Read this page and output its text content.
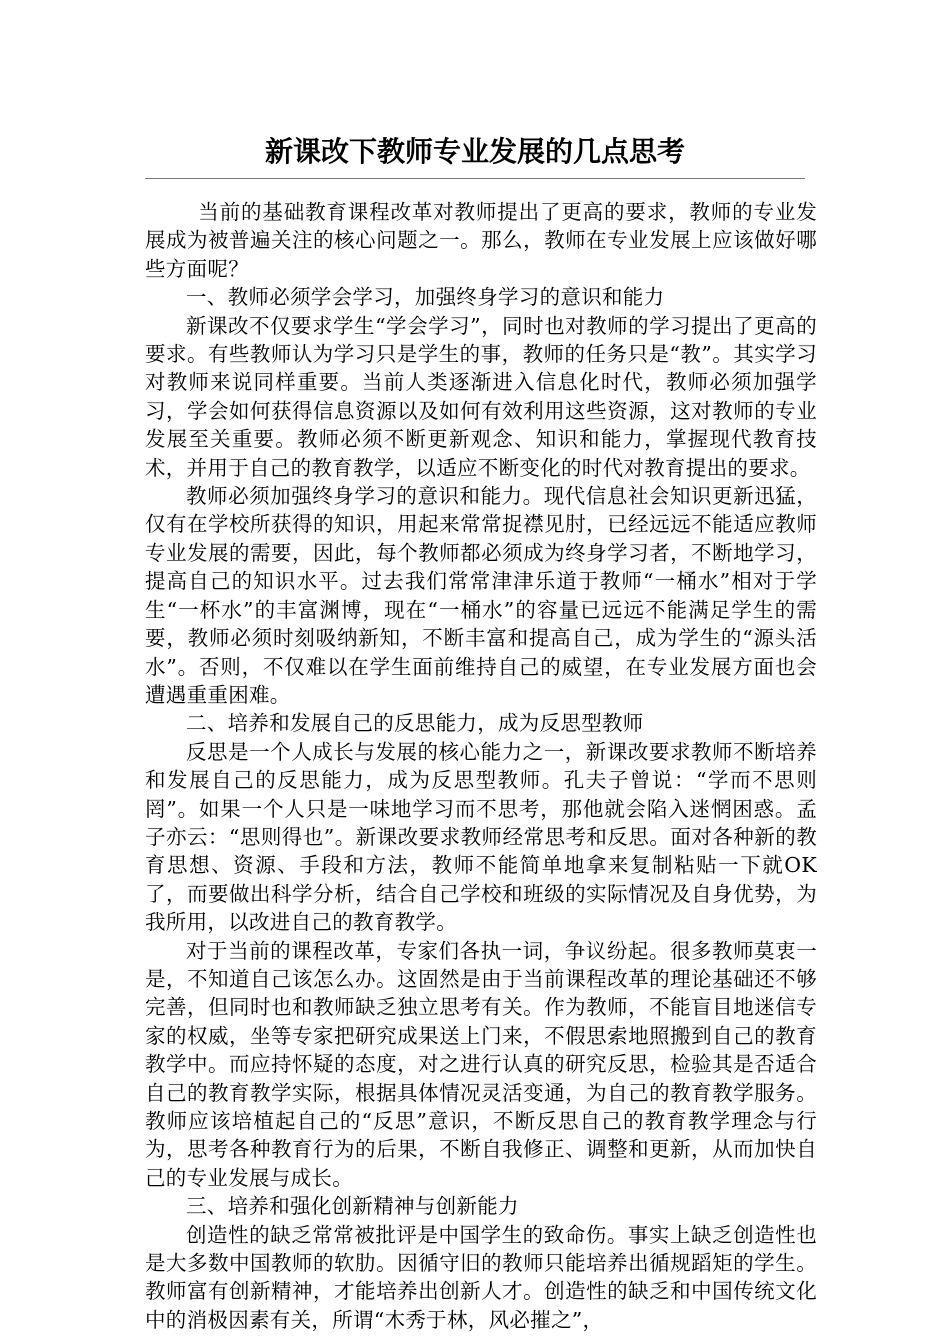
新课改下教师专业发展的几点思考

当前的基础教育课程改革对教师提出了更高的要求，教师的专业发展成为被普遍关注的核心问题之一。那么，教师在专业发展上应该做好哪些方面呢？

一、教师必须学会学习，加强终身学习的意识和能力

新课改不仅要求学生“学会学习”，同时也对教师的学习提出了更高的要求。有些教师认为学习只是学生的事，教师的任务只是“教”。其实学习对教师来说同样重要。当前人类逐渐进入信息化时代，教师必须加强学习，学会如何获得信息资源以及如何有效利用这些资源，这对教师的专业发展至关重要。教师必须不断更新观念、知识和能力，掌握现代教育技术，并用于自己的教育教学，以适应不断变化的时代对教育提出的要求。

教师必须加强终身学习的意识和能力。现代信息社会知识更新迅猛，仅有在学校所获得的知识，用起来常常捉襟见肘，已经远远不能适应教师专业发展的需要，因此，每个教师都必须成为终身学习者，不断地学习，提高自己的知识水平。过去我们常常津津乐道于教师“一桶水”相对于学生“一杯水”的丰富渊博，现在“一桶水”的容量已远远不能满足学生的需要，教师必须时刻吸纳新知，不断丰富和提高自己，成为学生的“源头活水”。否则，不仅难以在学生面前维持自己的威望，在专业发展方面也会遭遇重重困难。

二、培养和发展自己的反思能力，成为反思型教师

反思是一个人成长与发展的核心能力之一，新课改要求教师不断培养和发展自己的反思能力，成为反思型教师。孔夫子曾说：“学而不思则罔”。如果一个人只是一味地学习而不思考，那他就会陷入迷惘困惑。孟子亦云：“思则得也”。新课改要求教师经常思考和反思。面对各种新的教育思想、资源、手段和方法，教师不能简单地拿来复制粘贴一下就OK了，而要做出科学分析，结合自己学校和班级的实际情况及自身优势，为我所用，以改进自己的教育教学。

对于当前的课程改革，专家们各执一词，争议纷起。很多教师莫衷一是，不知道自己该怎么办。这固然是由于当前课程改革的理论基础还不够完善，但同时也和教师缺乏独立思考有关。作为教师，不能盲目地迷信专家的权威，坐等专家把研究成果送上门来，不假思索地照搬到自己的教育教学中。而应持怀疑的态度，对之进行认真的研究反思，检验其是否适合自己的教育教学实际，根据具体情况灵活变通，为自己的教育教学服务。教师应该培植起自己的“反思”意识，不断反思自己的教育教学理念与行为，思考各种教育行为的后果，不断自我修正、调整和更新，从而加快自己的专业发展与成长。

三、培养和强化创新精神与创新能力

创造性的缺乏常常被批评是中国学生的致命伤。事实上缺乏创造性也是大多数中国教师的软肋。因循守旧的教师只能培养出循规蹈矩的学生。教师富有创新精神，才能培养出创新人才。创造性的缺乏和中国传统文化中的消极因素有关，所谓“木秀于林，风必摧之”，
